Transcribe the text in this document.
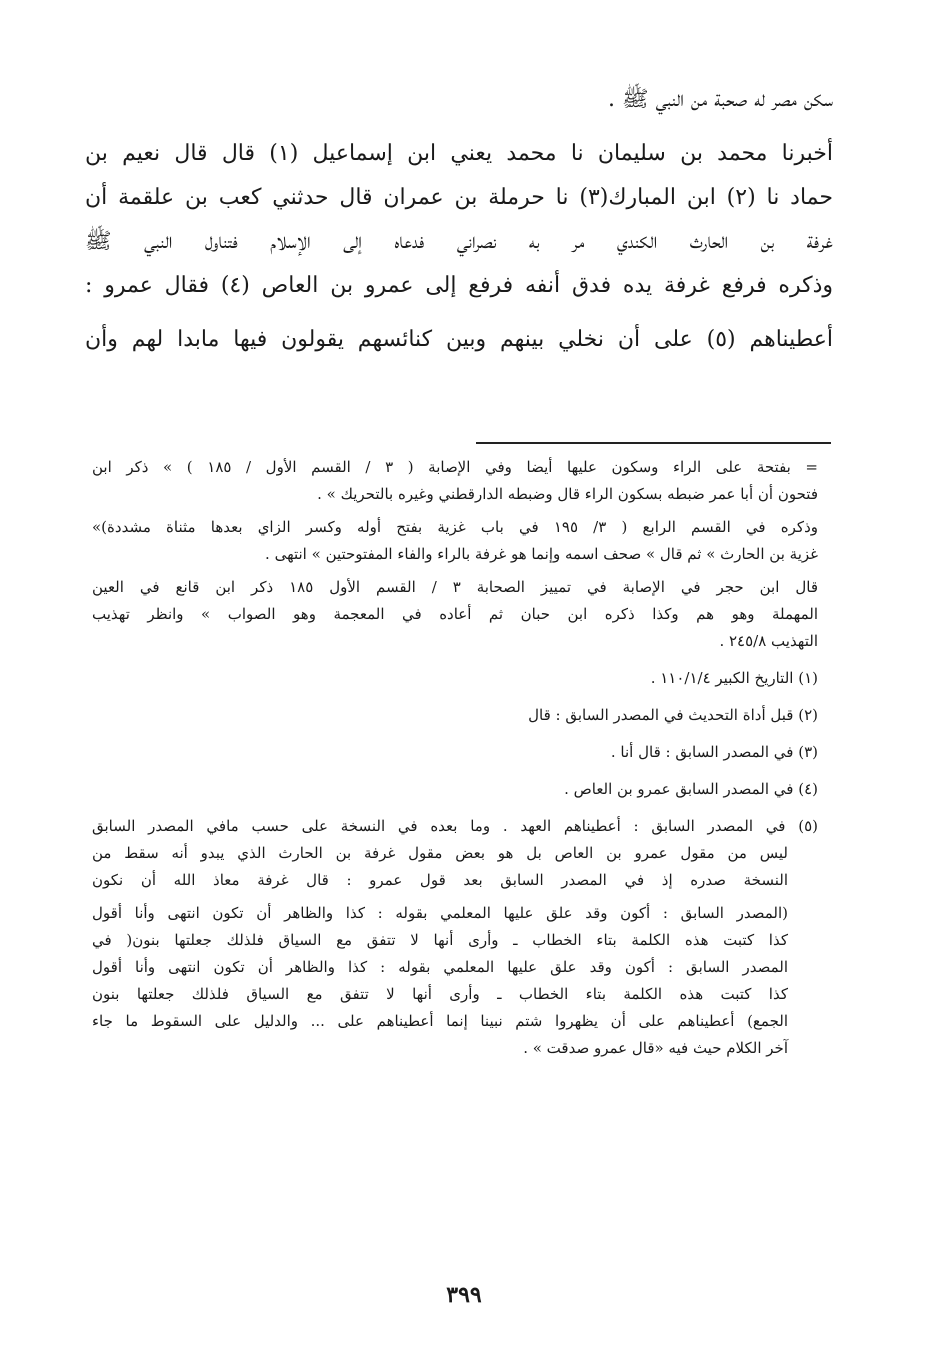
سكن مصر له صحبة من النبي ﷺ .
أخبرنا محمد بن سليمان نا محمد يعني ابن إسماعيل (١) قال قال نعيم بن
حماد نا (٢) ابن المبارك(٣) نا حرملة بن عمران قال حدثني كعب بن علقمة أن
غرفة بن الحارث الكندي مر به نصراني فدعاه إلى الإسلام فتناول النبي ﷺ
وذكره فرفع غرفة يده فدق أنفه فرفع إلى عمرو بن العاص (٤) فقال عمرو :
أعطيناهم (٥) على أن نخلي بينهم وبين كنائسهم يقولون فيها مابدا لهم وأن
= بفتحة على الراء وسكون عليها أيضا وفي الإصابة ( ٣ / القسم الأول / ١٨٥ ) » ذكر ابن
فتحون أن أبا عمر ضبطه بسكون الراء قال وضبطه الدارقطني وغيره بالتحريك » .
وذكره في القسم الرابع ( ٣/ ١٩٥ في باب غزية بفتح أوله وكسر الزاي بعدها مثناة مشددة)»
غزية بن الحارث » ثم قال » صحف اسمه وإنما هو غرفة بالراء والفاء المفتوحتين » انتهى .
قال ابن حجر في الإصابة في تمييز الصحابة ٣ / القسم الأول ١٨٥ ذكر ابن قانع في العين
المهملة وهو هم وكذا ذكره ابن حبان ثم أعاده في المعجمة وهو الصواب » وانظر تهذيب
التهذيب ٢٤٥/٨ .
(١) التاريخ الكبير ١١٠/١/٤ .
(٢) قبل أداة التحديث في المصدر السابق : قال
(٣) في المصدر السابق : قال أنا .
(٤) في المصدر السابق عمرو بن العاص .
(٥) في المصدر السابق : أعطيناهم العهد . وما بعده في النسخة على حسب مافي المصدر السابق
ليس من مقول عمرو بن العاص بل هو بعض مقول غرفة بن الحارث الذي يبدو أنه سقط من
النسخة صدره إذ في المصدر السابق بعد قول عمرو : قال غرفة معاذ الله أن نكون
(المصدر السابق : أكون وقد علق عليها المعلمي بقوله : كذا والظاهر أن تكون انتهى وأنا أقول
كذا كتبت هذه الكلمة بتاء الخطاب ـ وأرى أنها لا تتفق مع السياق فلذلك جعلتها بنون( في
المصدر السابق : أكون وقد علق عليها المعلمي بقوله : كذا والظاهر أن تكون انتهى وأنا أقول
كذا كتبت هذه الكلمة بتاء الخطاب ـ وأرى أنها لا تتفق مع السياق فلذلك جعلتها بنون
الجمع) أعطيناهم على أن يظهروا شتم نبينا إنما أعطيناهم على ... والدليل على السقوط ما جاء
آخر الكلام حيث فيه «قال عمرو صدقت » .
٣٩٩
